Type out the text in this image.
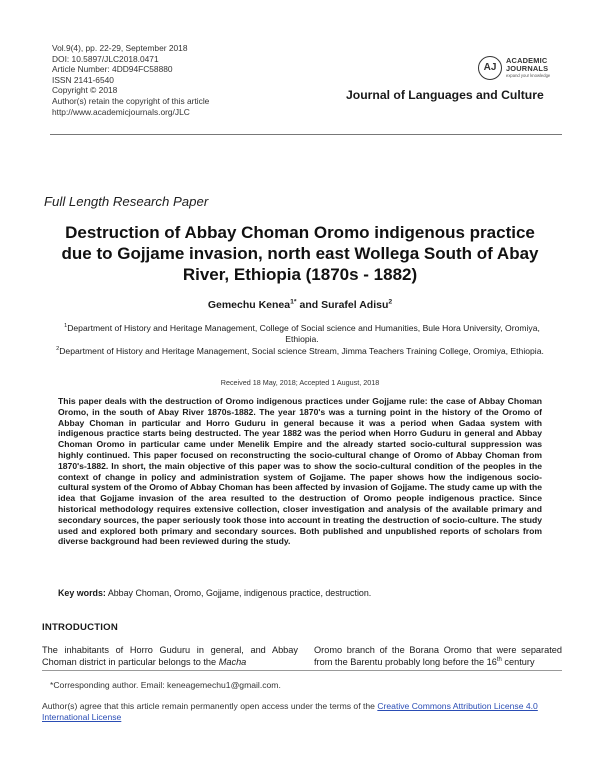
Vol.9(4), pp. 22-29, September 2018
DOI: 10.5897/JLC2018.0471
Article Number: 4DD94FC58880
ISSN 2141-6540
Copyright © 2018
Author(s) retain the copyright of this article
http://www.academicjournals.org/JLC
AJ
ACADEMIC
JOURNALS
expand your knowledge
Journal of Languages and Culture
Full Length Research Paper
Destruction of Abbay Choman Oromo indigenous practice due to Gojjame invasion, north east Wollega South of Abay River, Ethiopia (1870s - 1882)
Gemechu Kenea$^{1*}$ and Surafel Adisu$^2$
$^1$Department of History and Heritage Management, College of Social science and Humanities, Bule Hora University, Oromiya, Ethiopia.
$^2$Department of History and Heritage Management, Social science Stream, Jimma Teachers Training College, Oromiya, Ethiopia.
Received 18 May, 2018; Accepted 1 August, 2018
This paper deals with the destruction of Oromo indigenous practices under Gojjame rule: the case of Abbay Choman Oromo, in the south of Abay River 1870s-1882. The year 1870's was a turning point in the history of the Oromo of Abbay Choman in particular and Horro Guduru in general because it was a period when Gadaa system with indigenous practice starts being destructed. The year 1882 was the period when Horro Guduru in general and Abbay Choman Oromo in particular came under Menelik Empire and the already started socio-cultural suppression was highly continued. This paper focused on reconstructing the socio-cultural change of Oromo of Abbay Choman from 1870's-1882. In short, the main objective of this paper was to show the socio-cultural condition of the peoples in the context of change in policy and administration system of Gojjame. The paper shows how the indigenous socio-cultural system of the Oromo of Abbay Choman has been affected by invasion of Gojjame. The study came up with the idea that Gojjame invasion of the area resulted to the destruction of Oromo people indigenous practice. Since historical methodology requires extensive collection, closer investigation and analysis of the available primary and secondary sources, the paper seriously took those into account in treating the destruction of socio-culture. The study used and explored both primary and secondary sources. Both published and unpublished reports of scholars from diverse background had been reviewed during the study.
Key words: Abbay Choman, Oromo, Gojjame, indigenous practice, destruction.
INTRODUCTION
The inhabitants of Horro Guduru in general, and Abbay Choman district in particular belongs to the Macha
Oromo branch of the Borana Oromo that were separated from the Barentu probably long before the 16th century
*Corresponding author. Email: keneagemechu1@gmail.com.
Author(s) agree that this article remain permanently open access under the terms of the Creative Commons Attribution License 4.0 International License
